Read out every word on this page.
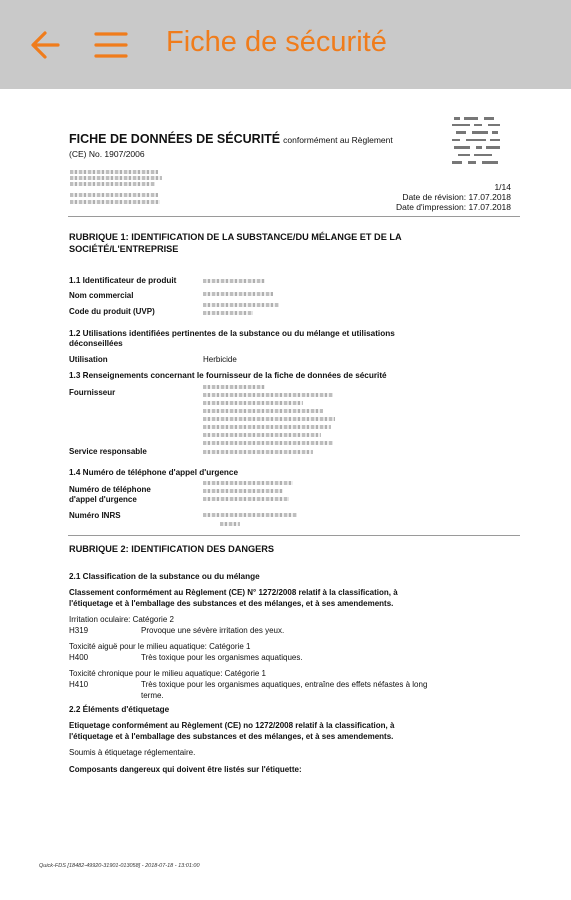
Fiche de sécurité
FICHE DE DONNÉES DE SÉCURITÉ conformément au Règlement
(CE) No. 1907/2006
1/14
Date de révision: 17.07.2018
Date d'impression: 17.07.2018
RUBRIQUE 1: IDENTIFICATION DE LA SUBSTANCE/DU MÉLANGE ET DE LA
SOCIÉTÉ/L'ENTREPRISE
1.1 Identificateur de produit
Nom commercial
Code du produit (UVP)
1.2 Utilisations identifiées pertinentes de la substance ou du mélange et utilisations
déconseillées
Utilisation	Herbicide
1.3 Renseignements concernant le fournisseur de la fiche de données de sécurité
Fournisseur
Service responsable
1.4 Numéro de téléphone d'appel d'urgence
Numéro de téléphone
d'appel d'urgence
Numéro INRS
RUBRIQUE 2: IDENTIFICATION DES DANGERS
2.1 Classification de la substance ou du mélange
Classement conformément au Règlement (CE) N° 1272/2008 relatif à la classification, à
l'étiquetage et à l'emballage des substances et des mélanges, et à ses amendements.
Irritation oculaire: Catégorie 2
H319	Provoque une sévère irritation des yeux.
Toxicité aiguë pour le milieu aquatique: Catégorie 1
H400	Très toxique pour les organismes aquatiques.
Toxicité chronique pour le milieu aquatique: Catégorie 1
H410	Très toxique pour les organismes aquatiques, entraîne des effets néfastes à long
terme.
2.2 Éléments d'étiquetage
Etiquetage conformément au Règlement (CE) no 1272/2008 relatif à la classification, à
l'étiquetage et à l'emballage des substances et des mélanges, et à ses amendements.
Soumis à étiquetage réglementaire.
Composants dangereux qui doivent être listés sur l'étiquette:
Quick-FDS [18482-49920-31901-013058] - 2018-07-18 - 13:01:00
